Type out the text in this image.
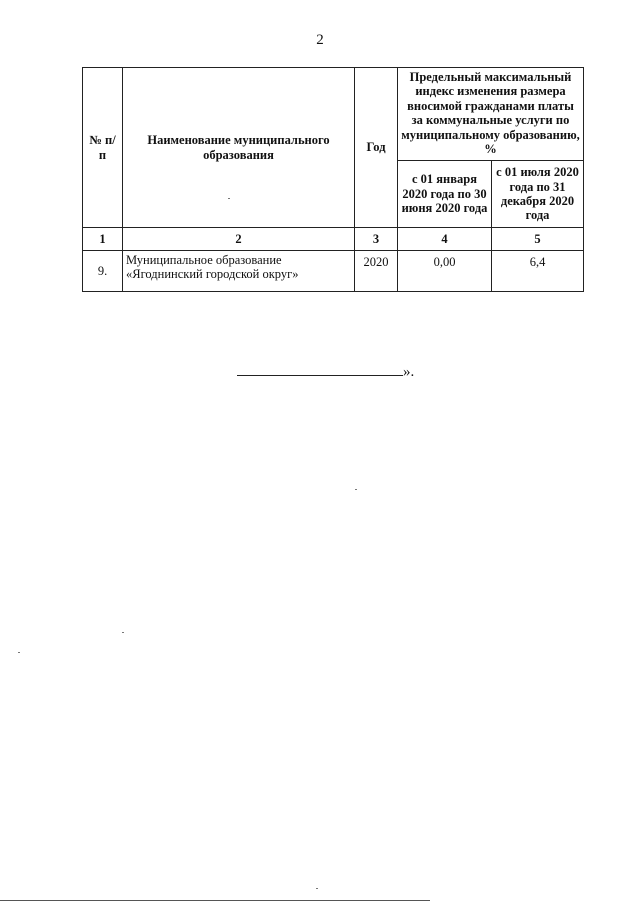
2
№ п/п	Наименование муниципального образования	Год	Предельный максимальный индекс изменения размера вносимой гражданами платы за коммунальные услуги по муниципальному образованию, %	
			с 01 января 2020 года по 30 июня 2020 года	с 01 июля 2020 года по 31 декабря 2020 года
1	2	3	4	5
9.	Муниципальное образование «Ягоднинский городской округ»	2020	0,00	6,4
».
